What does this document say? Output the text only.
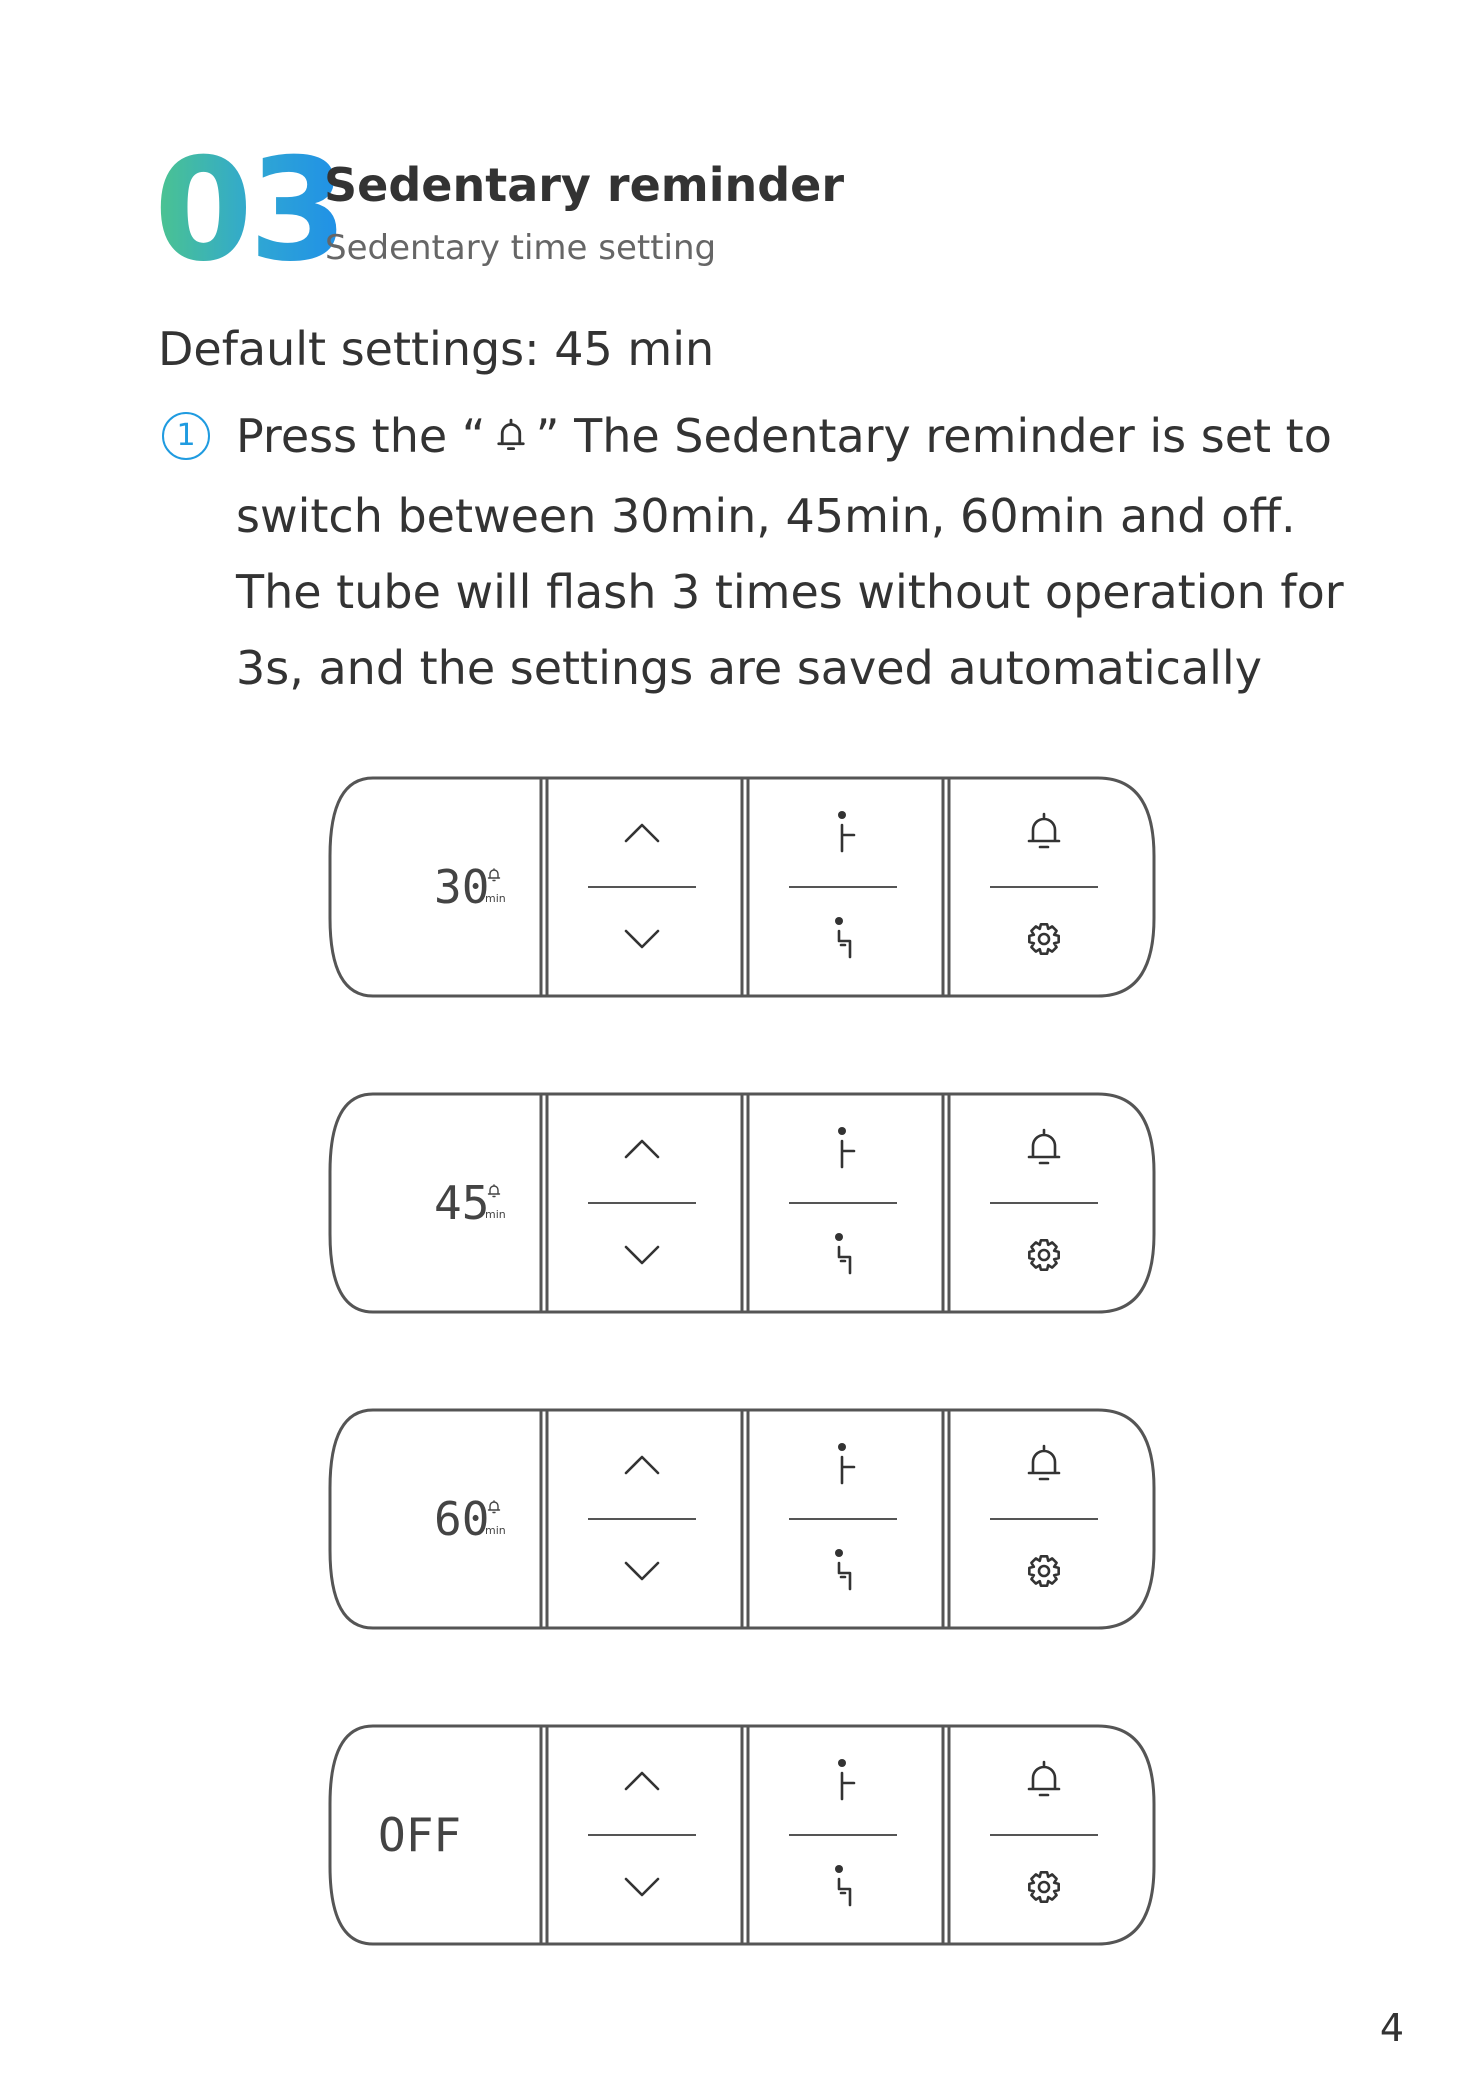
03
Sedentary reminder
Sedentary time setting
Default settings: 45 min
1 Press the “ ” The Sedentary reminder is set to
switch between 30min, 45min, 60min and off.
The tube will flash 3 times without operation for
3s, and the settings are saved automatically
30
min
45
min
60
min
OFF
4
